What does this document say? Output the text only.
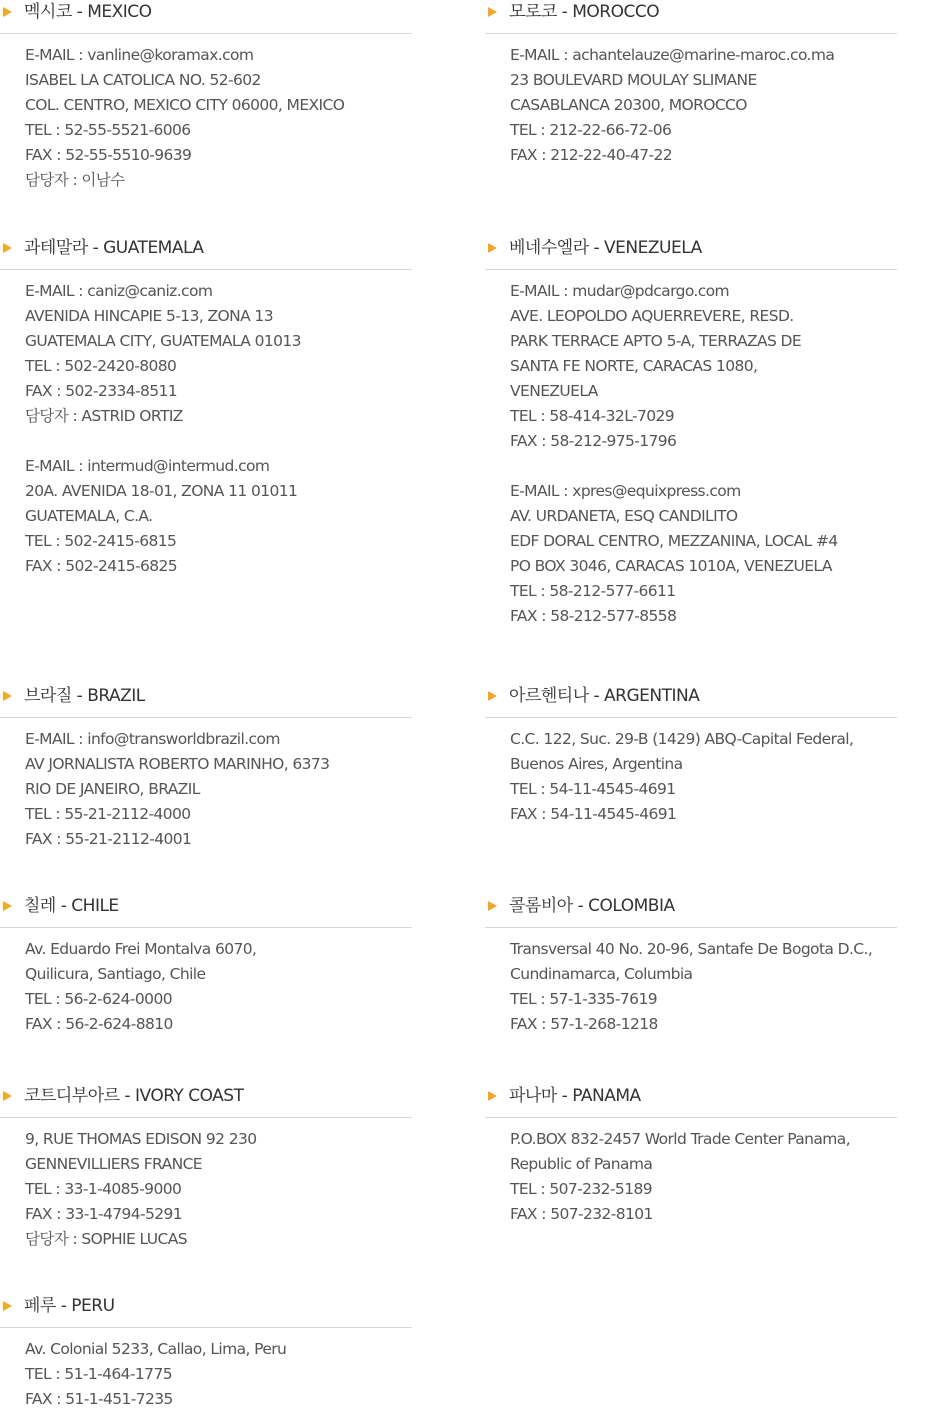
멕시코 - MEXICO
E-MAIL : vanline@koramax.com
ISABEL LA CATOLICA NO. 52-602
COL. CENTRO, MEXICO CITY 06000, MEXICO
TEL : 52-55-5521-6006
FAX : 52-55-5510-9639
담당자 : 이남수
모로코 - MOROCCO
E-MAIL : achantelauze@marine-maroc.co.ma
23 BOULEVARD MOULAY SLIMANE
CASABLANCA 20300, MOROCCO
TEL : 212-22-66-72-06
FAX : 212-22-40-47-22
과테말라 - GUATEMALA
E-MAIL : caniz@caniz.com
AVENIDA HINCAPIE 5-13, ZONA 13
GUATEMALA CITY, GUATEMALA 01013
TEL : 502-2420-8080
FAX : 502-2334-8511
담당자 : ASTRID ORTIZ
E-MAIL : intermud@intermud.com
20A. AVENIDA 18-01, ZONA 11 01011
GUATEMALA, C.A.
TEL : 502-2415-6815
FAX : 502-2415-6825
베네수엘라 - VENEZUELA
E-MAIL : mudar@pdcargo.com
AVE. LEOPOLDO AQUERREVERE, RESD.
PARK TERRACE APTO 5-A, TERRAZAS DE
SANTA FE NORTE, CARACAS 1080,
VENEZUELA
TEL : 58-414-32L-7029
FAX : 58-212-975-1796
E-MAIL : xpres@equixpress.com
AV. URDANETA, ESQ CANDILITO
EDF DORAL CENTRO, MEZZANINA, LOCAL #4
PO BOX 3046, CARACAS 1010A, VENEZUELA
TEL : 58-212-577-6611
FAX : 58-212-577-8558
브라질 - BRAZIL
E-MAIL : info@transworldbrazil.com
AV JORNALISTA ROBERTO MARINHO, 6373
RIO DE JANEIRO, BRAZIL
TEL : 55-21-2112-4000
FAX : 55-21-2112-4001
아르헨티나 - ARGENTINA
C.C. 122, Suc. 29-B (1429) ABQ-Capital Federal,
Buenos Aires, Argentina
TEL : 54-11-4545-4691
FAX : 54-11-4545-4691
칠레 - CHILE
Av. Eduardo Frei Montalva 6070,
Quilicura, Santiago, Chile
TEL : 56-2-624-0000
FAX : 56-2-624-8810
콜롬비아 - COLOMBIA
Transversal 40 No. 20-96, Santafe De Bogota D.C.,
Cundinamarca, Columbia
TEL : 57-1-335-7619
FAX : 57-1-268-1218
코트디부아르 - IVORY COAST
9, RUE THOMAS EDISON 92 230
GENNEVILLIERS FRANCE
TEL : 33-1-4085-9000
FAX : 33-1-4794-5291
담당자 : SOPHIE LUCAS
파나마 - PANAMA
P.O.BOX 832-2457 World Trade Center Panama,
Republic of Panama
TEL : 507-232-5189
FAX : 507-232-8101
페루 - PERU
Av. Colonial 5233, Callao, Lima, Peru
TEL : 51-1-464-1775
FAX : 51-1-451-7235
